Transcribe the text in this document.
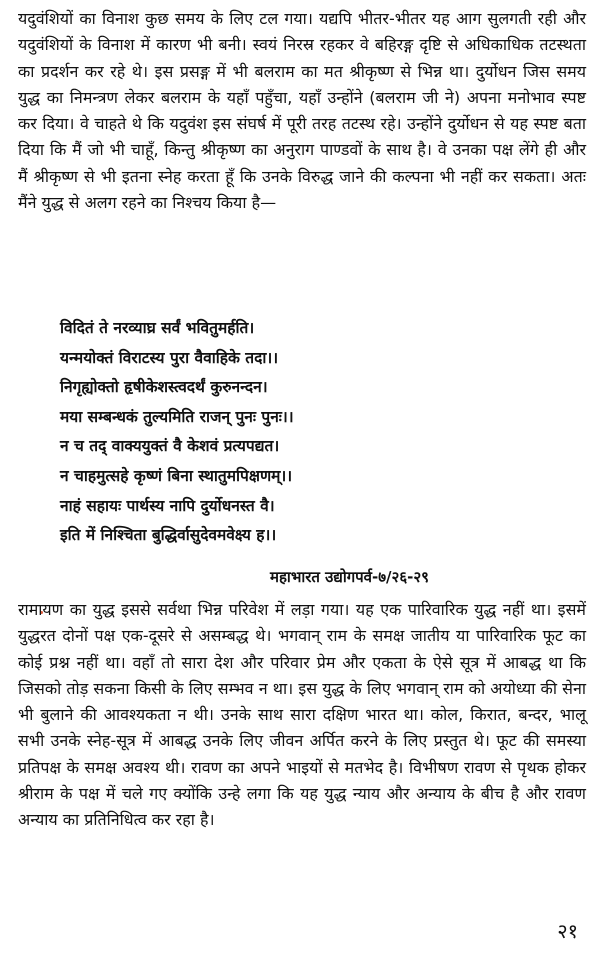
यदुवंशियों का विनाश कुछ समय के लिए टल गया। यद्यपि भीतर-भीतर यह आग सुलगती रही और यदुवंशियों के विनाश में कारण भी बनी। स्वयं निरस्र रहकर वे बहिरङ्ग दृष्टि से अधिकाधिक तटस्थता का प्रदर्शन कर रहे थे। इस प्रसङ्ग में भी बलराम का मत श्रीकृष्ण से भिन्न था। दुर्योधन जिस समय युद्ध का निमन्त्रण लेकर बलराम के यहाँ पहुँचा, यहाँ उन्होंने (बलराम जी ने) अपना मनोभाव स्पष्ट कर दिया। वे चाहते थे कि यदुवंश इस संघर्ष में पूरी तरह तटस्थ रहे। उन्होंने दुर्योधन से यह स्पष्ट बता दिया कि मैं जो भी चाहूँ, किन्तु श्रीकृष्ण का अनुराग पाण्डवों के साथ है। वे उनका पक्ष लेंगे ही और मैं श्रीकृष्ण से भी इतना स्नेह करता हूँ कि उनके विरुद्ध जाने की कल्पना भी नहीं कर सकता। अतः मैंने युद्ध से अलग रहने का निश्चय किया है—

विदितं ते नरव्याघ्र सर्वं भवितुमर्हति।
यन्मयोक्तं विराटस्य पुरा वैवाहिके तदा।।
निगृह्योक्तो हृषीकेशस्त्वदर्थं कुरुनन्दन।
मया सम्बन्धकं तुल्यमिति राजन् पुनः पुनः।।
न च तद् वाक्ययुक्तं वै केशवं प्रत्यपद्यत।
न चाहमुत्सहे कृष्णं बिना स्थातुमपिक्षणम्।।
नाहं सहायः पार्थस्य नापि दुर्योधनस्त वै।
इति में निश्चिता बुद्धिर्वासुदेवमवेक्ष्य ह।।
महाभारत उद्योगपर्व-७/२६-२९

रामायण का युद्ध इससे सर्वथा भिन्न परिवेश में लड़ा गया। यह एक पारिवारिक युद्ध नहीं था। इसमें युद्धरत दोनों पक्ष एक-दूसरे से असम्बद्ध थे। भगवान् राम के समक्ष जातीय या पारिवारिक फूट का कोई प्रश्न नहीं था। वहाँ तो सारा देश और परिवार प्रेम और एकता के ऐसे सूत्र में आबद्ध था कि जिसको तोड़ सकना किसी के लिए सम्भव न था। इस युद्ध के लिए भगवान् राम को अयोध्या की सेना भी बुलाने की आवश्यकता न थी। उनके साथ सारा दक्षिण भारत था। कोल, किरात, बन्दर, भालू सभी उनके स्नेह-सूत्र में आबद्ध उनके लिए जीवन अर्पित करने के लिए प्रस्तुत थे। फूट की समस्या प्रतिपक्ष के समक्ष अवश्य थी। रावण का अपने भाइयों से मतभेद है। विभीषण रावण से पृथक होकर श्रीराम के पक्ष में चले गए क्योंकि उन्हे लगा कि यह युद्ध न्याय और अन्याय के बीच है और रावण अन्याय का प्रतिनिधित्व कर रहा है।

२१
